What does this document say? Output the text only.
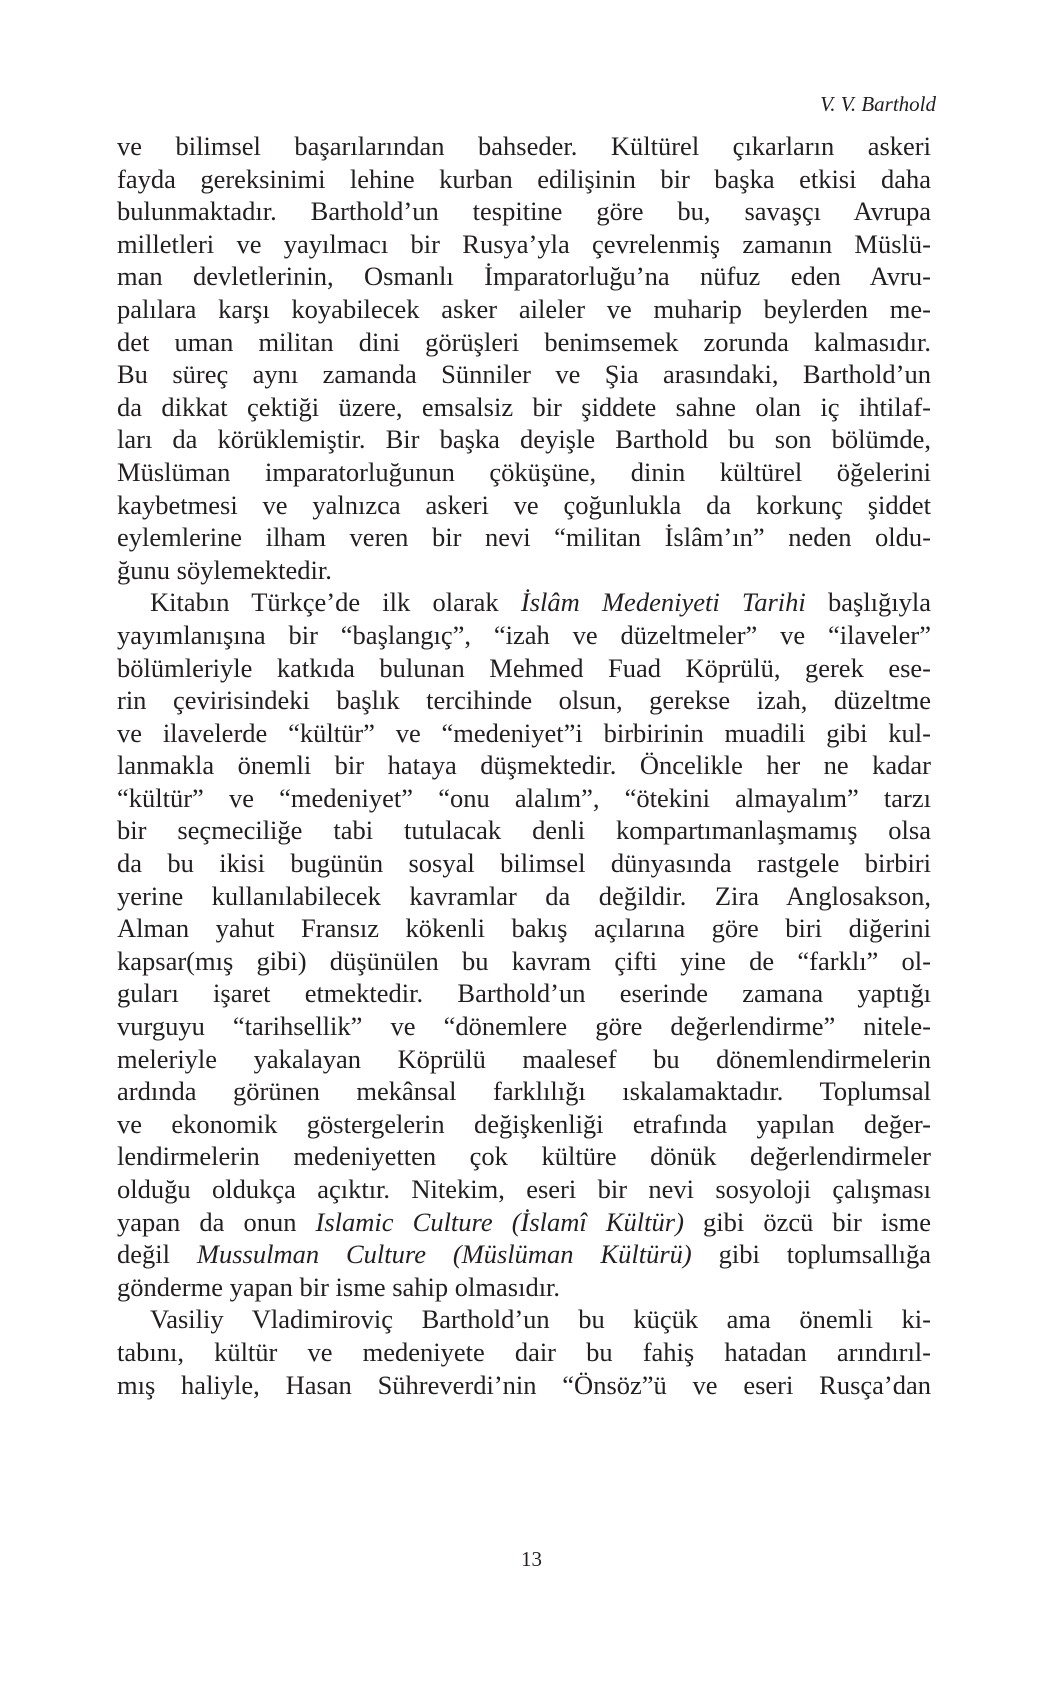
V. V. Barthold
ve bilimsel başarılarından bahseder. Kültürel çıkarların askeri
fayda gereksinimi lehine kurban edilişinin bir başka etkisi daha
bulunmaktadır. Barthold’un tespitine göre bu, savaşçı Avrupa
milletleri ve yayılmacı bir Rusya’yla çevrelenmiş zamanın Müslü-
man devletlerinin, Osmanlı İmparatorluğu’na nüfuz eden Avru-
palılara karşı koyabilecek asker aileler ve muharip beylerden me-
det uman militan dini görüşleri benimsemek zorunda kalmasıdır.
Bu süreç aynı zamanda Sünniler ve Şia arasındaki, Barthold’un
da dikkat çektiği üzere, emsalsiz bir şiddete sahne olan iç ihtilaf-
ları da körüklemiştir. Bir başka deyişle Barthold bu son bölümde,
Müslüman imparatorluğunun çöküşüne, dinin kültürel öğelerini
kaybetmesi ve yalnızca askeri ve çoğunlukla da korkunç şiddet
eylemlerine ilham veren bir nevi “militan İslâm’ın” neden oldu-
ğunu söylemektedir.
Kitabın Türkçe’de ilk olarak İslâm Medeniyeti Tarihi başlığıyla
yayımlanışına bir “başlangıç”, “izah ve düzeltmeler” ve “ilaveler”
bölümleriyle katkıda bulunan Mehmed Fuad Köprülü, gerek ese-
rin çevirisindeki başlık tercihinde olsun, gerekse izah, düzeltme
ve ilavelerde “kültür” ve “medeniyet”i birbirinin muadili gibi kul-
lanmakla önemli bir hataya düşmektedir. Öncelikle her ne kadar
“kültür” ve “medeniyet” “onu alalım”, “ötekini almayalım” tarzı
bir seçmeciliğe tabi tutulacak denli kompartımanlaşmamış olsa
da bu ikisi bugünün sosyal bilimsel dünyasında rastgele birbiri
yerine kullanılabilecek kavramlar da değildir. Zira Anglosakson,
Alman yahut Fransız kökenli bakış açılarına göre biri diğerini
kapsar(mış gibi) düşünülen bu kavram çifti yine de “farklı” ol-
guları işaret etmektedir. Barthold’un eserinde zamana yaptığı
vurguyu “tarihsellik” ve “dönemlere göre değerlendirme” nitele-
meleriyle yakalayan Köprülü maalesef bu dönemlendirmelerin
ardında görünen mekânsal farklılığı ıskalamaktadır. Toplumsal
ve ekonomik göstergelerin değişkenliği etrafında yapılan değer-
lendirmelerin medeniyetten çok kültüre dönük değerlendirmeler
olduğu oldukça açıktır. Nitekim, eseri bir nevi sosyoloji çalışması
yapan da onun Islamic Culture (İslamî Kültür) gibi özcü bir isme
değil Mussulman Culture (Müslüman Kültürü) gibi toplumsallığa
gönderme yapan bir isme sahip olmasıdır.
Vasiliy Vladimiroviç Barthold’un bu küçük ama önemli ki-
tabını, kültür ve medeniyete dair bu fahiş hatadan arındırıl-
mış haliyle, Hasan Sühreverdi’nin “Önsöz”ü ve eseri Rusça’dan
13
